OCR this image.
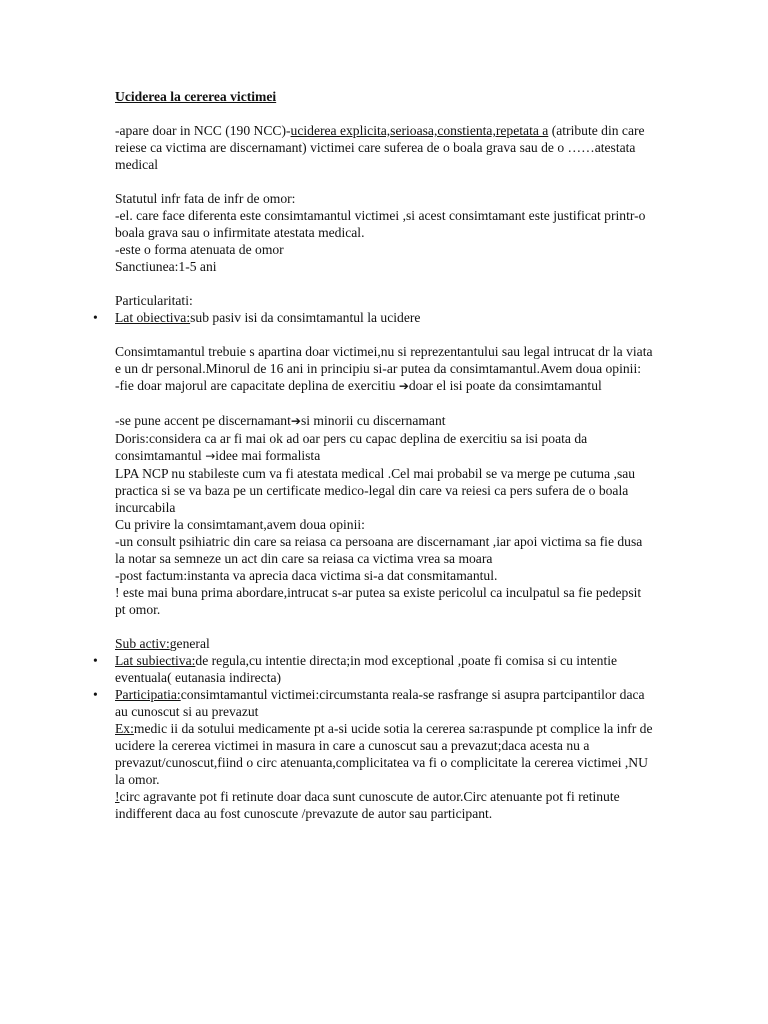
Uciderea la cererea victimei

-apare doar in NCC (190 NCC)-uciderea explicita,serioasa,constienta,repetata a (atribute din care reiese ca victima are discernamant) victimei care suferea de o boala grava sau de o ……atestata medical

Statutul infr fata de infr de omor:

-el. care face diferenta este consimtamantul victimei ,si acest consimtamant este justificat printr-o boala grava sau o infirmitate atestata medical.

-este o forma atenuata de omor

Sanctiunea:1-5 ani

Particularitati:

• Lat obiectiva:sub pasiv isi da consimtamantul la ucidere

Consimtamantul trebuie s apartina doar victimei,nu si reprezentantului sau legal intrucat dr la viata e un dr personal.Minorul de 16 ani in principiu si-ar putea da consimtamantul.Avem doua opinii:

-fie doar majorul are capacitate deplina de exercitiu ➔doar el isi poate da consimtamantul

-se pune accent pe discernamant➔si minorii cu discernamant

Doris:considera ca ar fi mai ok ad oar pers cu capac deplina de exercitiu sa isi poata da consimtamantul →idee mai formalista

LPA NCP nu stabileste cum va fi atestata medical .Cel mai probabil se va merge pe cutuma ,sau practica si se va baza pe un certificate medico-legal din care va reiesi ca pers sufera de o boala incurcabila

Cu privire la consimtamant,avem doua opinii:

-un consult psihiatric din care sa reiasa ca persoana are discernamant ,iar apoi victima sa fie dusa la notar sa semneze un act din care sa reiasa ca victima vrea sa moara

-post factum:instanta va aprecia daca victima si-a dat consmitamantul.

! este mai buna prima abordare,intrucat s-ar putea sa existe pericolul ca inculpatul sa fie pedepsit pt omor.

Sub activ:general

• Lat subiectiva:de regula,cu intentie directa;in mod exceptional ,poate fi comisa si cu intentie eventuala( eutanasia indirecta)

• Participatia:consimtamantul victimei:circumstanta reala-se rasfrange si asupra partcipantilor daca au cunoscut si au prevazut

Ex:medic ii da sotului medicamente pt a-si ucide sotia la cererea sa:raspunde pt complice la infr de ucidere la cererea victimei in masura in care a cunoscut sau a prevazut;daca acesta nu a prevazut/cunoscut,fiind o circ atenuanta,complicitatea va fi o complicitate la cererea victimei ,NU la omor.

!circ agravante pot fi retinute doar daca sunt cunoscute de autor.Circ atenuante pot fi retinute indifferent daca au fost cunoscute /prevazute de autor sau participant.
